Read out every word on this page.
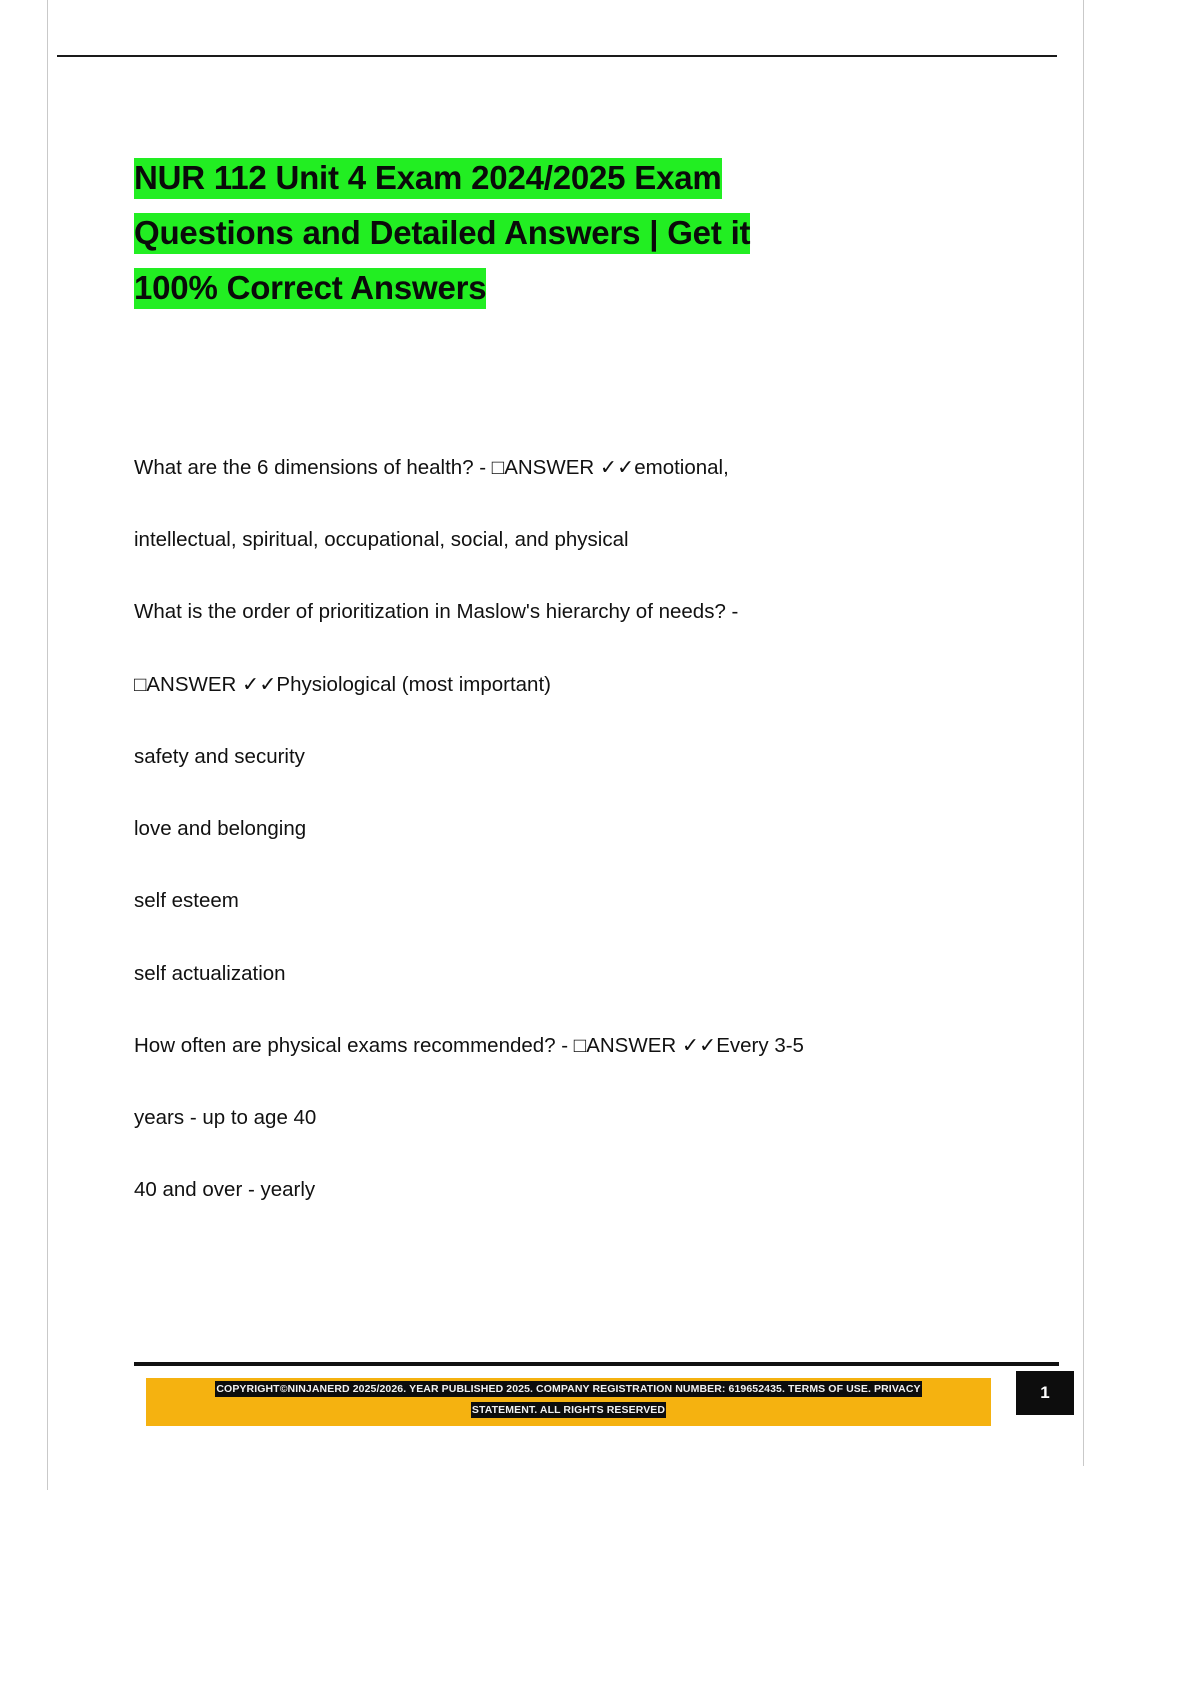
NUR 112 Unit 4 Exam 2024/2025 Exam
Questions and Detailed Answers | Get it
100% Correct Answers

What are the 6 dimensions of health? - □ANSWER ✓✓emotional,

intellectual, spiritual, occupational, social, and physical

What is the order of prioritization in Maslow's hierarchy of needs? -

□ANSWER ✓✓Physiological (most important)

safety and security

love and belonging

self esteem

self actualization

How often are physical exams recommended? - □ANSWER ✓✓Every 3-5

years - up to age 40

40 and over - yearly

COPYRIGHT©NINJANERD 2025/2026. YEAR PUBLISHED 2025. COMPANY REGISTRATION NUMBER: 619652435. TERMS OF USE. PRIVACY
STATEMENT. ALL RIGHTS RESERVED
1
